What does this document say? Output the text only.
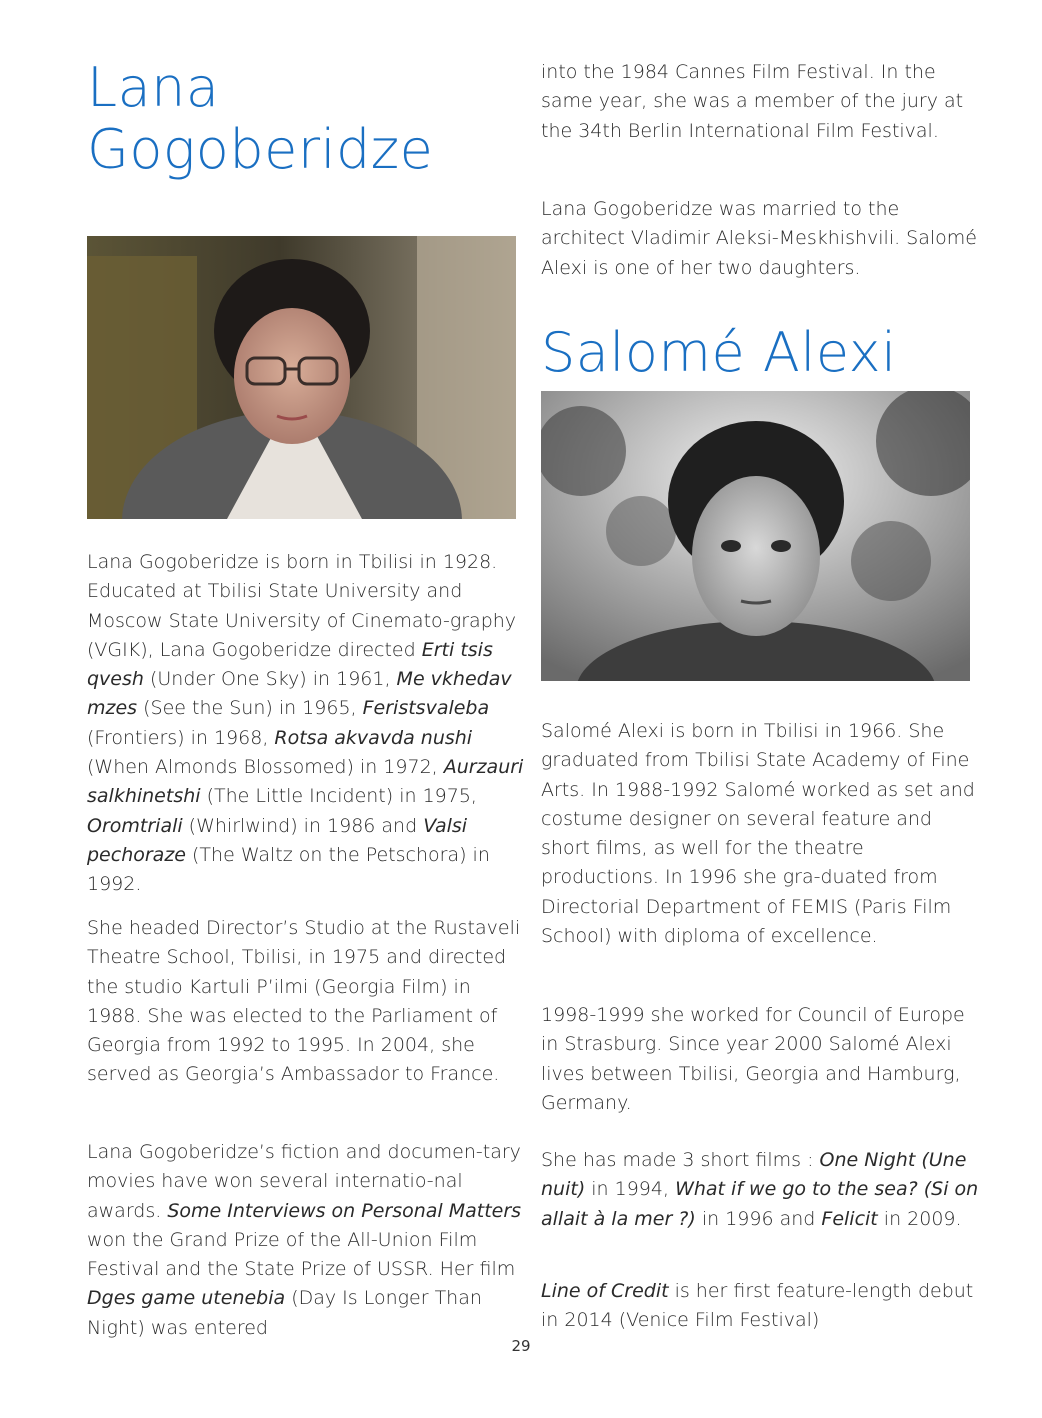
Lana
Gogoberidze

Lana Gogoberidze is born in Tbilisi in 1928. Educated at Tbilisi State University and Moscow State University of Cinemato-graphy (VGIK), Lana Gogoberidze directed Erti tsis qvesh (Under One Sky) in 1961, Me vkhedav mzes (See the Sun) in 1965, Feristsvaleba (Frontiers) in 1968, Rotsa akvavda nushi (When Almonds Blossomed) in 1972, Aurzauri salkhinetshi (The Little Incident) in 1975, Oromtriali (Whirlwind) in 1986 and Valsi pechoraze (The Waltz on the Petschora) in 1992.

She headed Director’s Studio at the Rustaveli Theatre School, Tbilisi, in 1975 and directed the studio Kartuli P’ilmi (Georgia Film) in 1988. She was elected to the Parliament of Georgia from 1992 to 1995. In 2004, she served as Georgia’s Ambassador to France.

Lana Gogoberidze’s fiction and documen-tary movies have won several internatio-nal awards. Some Interviews on Personal Matters won the Grand Prize of the All-Union Film Festival and the State Prize of USSR. Her film Dges game utenebia (Day Is Longer Than Night) was entered

into the 1984 Cannes Film Festival. In the same year, she was a member of the jury at the 34th Berlin International Film Festival.

Lana Gogoberidze was married to the architect Vladimir Aleksi-Meskhishvili. Salomé Alexi is one of her two daughters.

Salomé Alexi

Salomé Alexi is born in Tbilisi in 1966. She graduated from Tbilisi State Academy of Fine Arts. In 1988-1992 Salomé worked as set and costume designer on several feature and short films, as well for the theatre productions. In 1996 she gra-duated from Directorial Department of FEMIS (Paris Film School) with diploma of excellence.

1998-1999 she worked for Council of Europe in Strasburg. Since year 2000 Salomé Alexi lives between Tbilisi, Georgia and Hamburg, Germany.

She has made 3 short films : One Night (Une nuit) in 1994, What if we go to the sea? (Si on allait à la mer ?) in 1996 and Felicit in 2009.

Line of Credit is her first feature-length debut in 2014 (Venice Film Festival)

29
